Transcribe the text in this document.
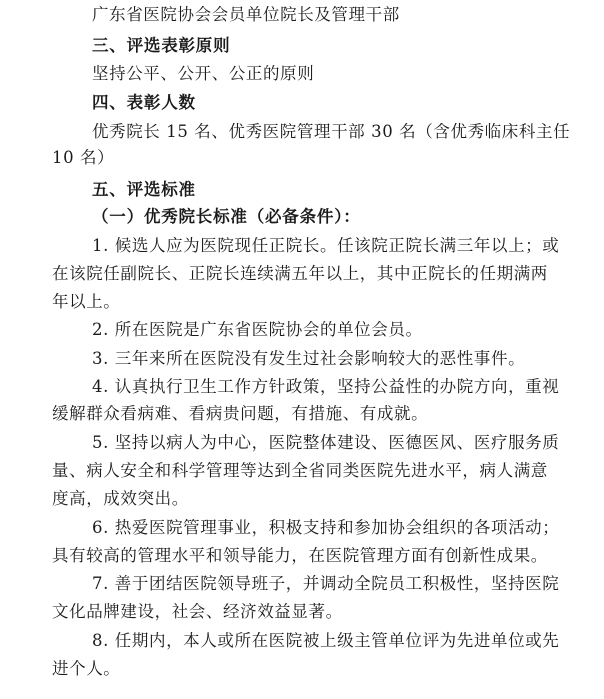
广东省医院协会会员单位院长及管理干部
三、评选表彰原则
坚持公平、公开、公正的原则
四、表彰人数
优秀院长 15 名、优秀医院管理干部 30 名（含优秀临床科主任
10 名）
五、评选标准
（一）优秀院长标准（必备条件）：
1. 候选人应为医院现任正院长。任该院正院长满三年以上；或
在该院任副院长、正院长连续满五年以上，其中正院长的任期满两
年以上。
2. 所在医院是广东省医院协会的单位会员。
3. 三年来所在医院没有发生过社会影响较大的恶性事件。
4. 认真执行卫生工作方针政策，坚持公益性的办院方向，重视
缓解群众看病难、看病贵问题，有措施、有成就。
5. 坚持以病人为中心，医院整体建设、医德医风、医疗服务质
量、病人安全和科学管理等达到全省同类医院先进水平，病人满意
度高，成效突出。
6. 热爱医院管理事业，积极支持和参加协会组织的各项活动；
具有较高的管理水平和领导能力，在医院管理方面有创新性成果。
7. 善于团结医院领导班子，并调动全院员工积极性，坚持医院
文化品牌建设，社会、经济效益显著。
8. 任期内，本人或所在医院被上级主管单位评为先进单位或先
进个人。
